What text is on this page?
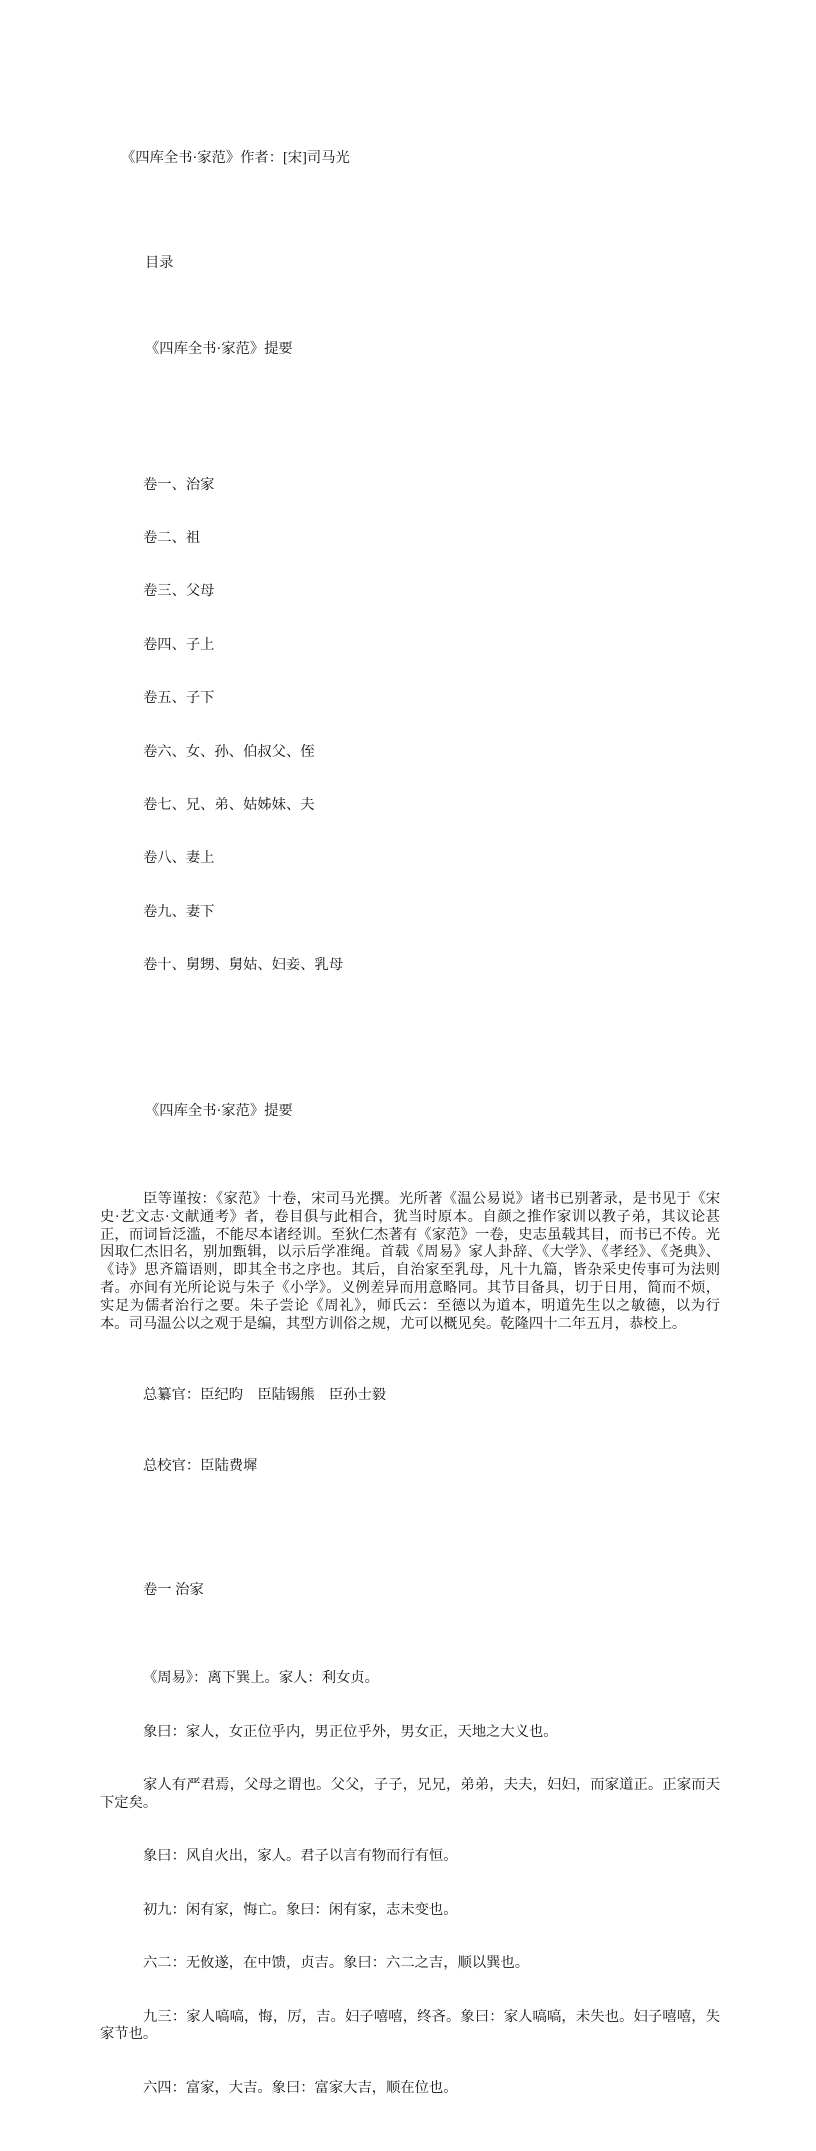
《四库全书·家范》作者：[宋]司马光

目录

《四库全书·家范》提要

卷一、治家

卷二、祖

卷三、父母

卷四、子上

卷五、子下

卷六、女、孙、伯叔父、侄

卷七、兄、弟、姑姊妹、夫

卷八、妻上

卷九、妻下

卷十、舅甥、舅姑、妇妾、乳母

《四库全书·家范》提要

臣等谨按：《家范》十卷，宋司马光撰。光所著《温公易说》诸书已别著录，是书见于《宋史·艺文志·文献通考》者，卷目俱与此相合，犹当时原本。自颜之推作家训以教子弟，其议论甚正，而词旨泛滥，不能尽本诸经训。至狄仁杰著有《家范》一卷，史志虽载其目，而书已不传。光因取仁杰旧名，别加甄辑，以示后学准绳。首载《周易》家人卦辞、《大学》、《孝经》、《尧典》、《诗》思齐篇语则，即其全书之序也。其后，自治家至乳母，凡十九篇，皆杂采史传事可为法则者。亦间有光所论说与朱子《小学》。义例差异而用意略同。其节目备具，切于日用，简而不烦，实足为儒者治行之要。朱子尝论《周礼》，师氏云：至德以为道本，明道先生以之敏德，以为行本。司马温公以之观于是编，其型方训俗之规，尤可以概见矣。乾隆四十二年五月，恭校上。

总纂官：臣纪昀　臣陆锡熊　臣孙士毅

总校官：臣陆费墀

卷一 治家

《周易》：离下巽上。家人：利女贞。

象曰：家人，女正位乎内，男正位乎外，男女正，天地之大义也。

家人有严君焉，父母之谓也。父父，子子，兄兄，弟弟，夫夫，妇妇，而家道正。正家而天下定矣。

象曰：风自火出，家人。君子以言有物而行有恒。

初九：闲有家，悔亡。象曰：闲有家，志未变也。

六二：无攸遂，在中馈，贞吉。象曰：六二之吉，顺以巽也。

九三：家人嗃嗃，悔，厉，吉。妇子嘻嘻，终吝。象曰：家人嗃嗃，未失也。妇子嘻嘻，失家节也。

六四：富家，大吉。象曰：富家大吉，顺在位也。
